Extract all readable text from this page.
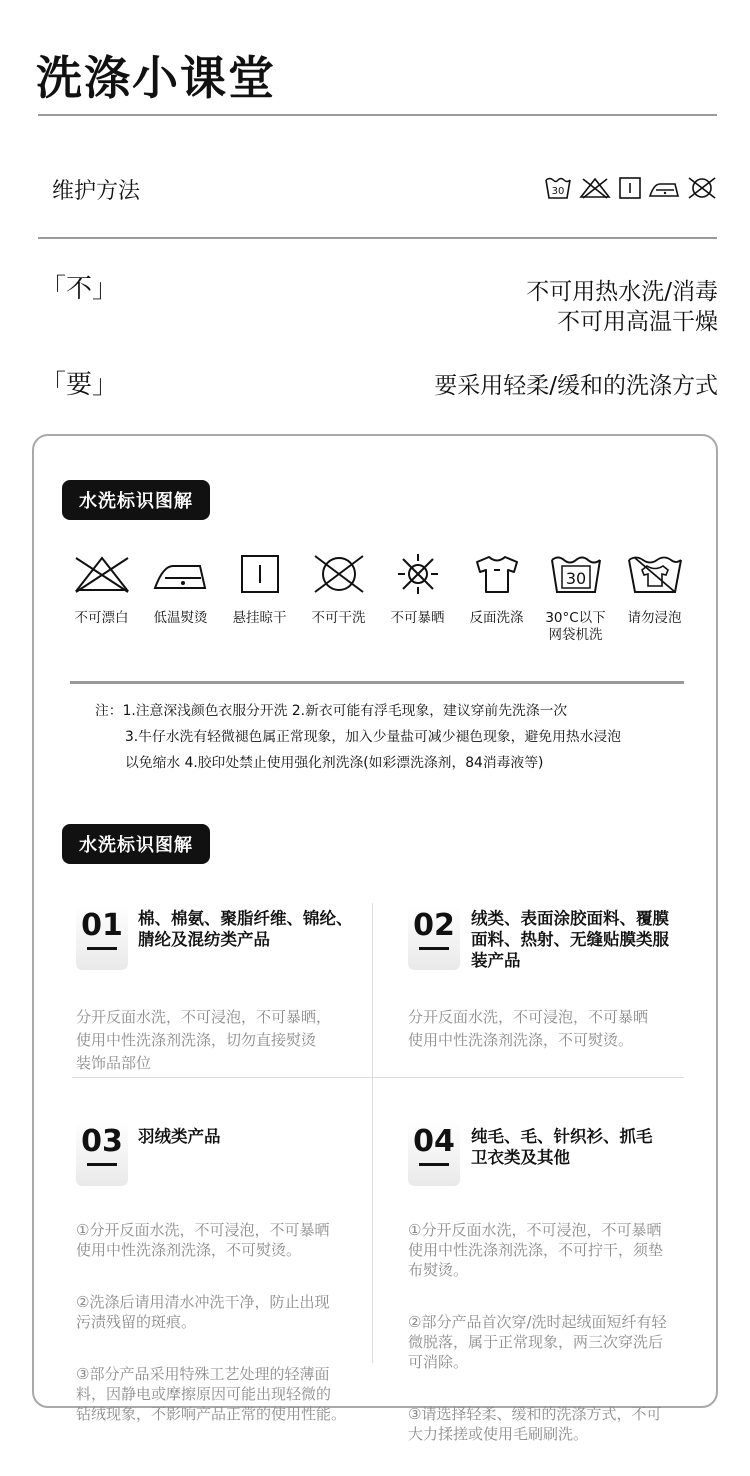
洗涤小课堂
维护方法	30
「不」	不可用热水洗/消毒
不可用高温干燥
「要」	要采用轻柔/缓和的洗涤方式
水洗标识图解
不可漂白 低温熨烫 悬挂晾干 不可干洗 不可暴晒 反面洗涤
30
30°C以下
网袋机洗
请勿浸泡
注：1.注意深浅颜色衣服分开洗 2.新衣可能有浮毛现象，建议穿前先洗涤一次
3.牛仔水洗有轻微褪色属正常现象，加入少量盐可减少褪色现象，避免用热水浸泡
以免缩水 4.胶印处禁止使用强化剂洗涤(如彩漂洗涤剂，84消毒液等)
水洗标识图解
01 棉、棉氨、聚脂纤维、锦纶、
腈纶及混纺类产品

分开反面水洗，不可浸泡，不可暴晒，
使用中性洗涤剂洗涤，切勿直接熨烫
装饰品部位

02 绒类、表面涂胶面料、覆膜
面料、热射、无缝贴膜类服
装产品

分开反面水洗，不可浸泡，不可暴晒
使用中性洗涤剂洗涤，不可熨烫。

03 羽绒类产品

①分开反面水洗，不可浸泡，不可暴晒
使用中性洗涤剂洗涤，不可熨烫。

②洗涤后请用清水冲洗干净，防止出现
污渍残留的斑痕。

③部分产品采用特殊工艺处理的轻薄面
料，因静电或摩擦原因可能出现轻微的
钻绒现象，不影响产品正常的使用性能。

04 纯毛、毛、针织衫、抓毛
卫衣类及其他

①分开反面水洗，不可浸泡，不可暴晒
使用中性洗涤剂洗涤，不可拧干，须垫
布熨烫。

②部分产品首次穿/洗时起绒面短纤有轻
微脱落，属于正常现象，两三次穿洗后
可消除。

③请选择轻柔、缓和的洗涤方式，不可
大力揉搓或使用毛刷刷洗。
